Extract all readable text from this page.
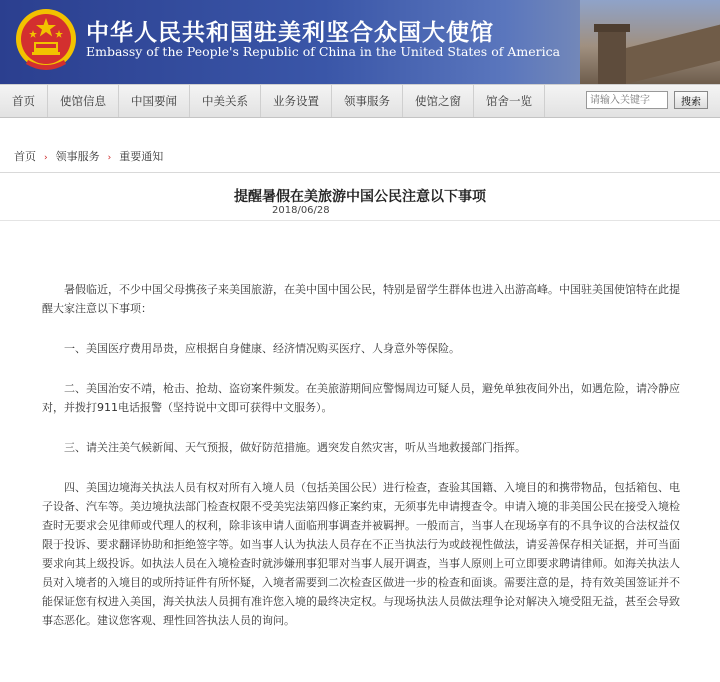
中华人民共和国驻美利坚合众国大使馆
Embassy of the People's Republic of China in the United States of America
首页	使馆信息	中国要闻	中美关系	业务设置	领事服务	使馆之窗	馆舍一览
请输入关键字	搜索
首页 › 领事服务 › 重要通知
提醒暑假在美旅游中国公民注意以下事项
2018/06/28

暑假临近，不少中国父母携孩子来美国旅游，在美中国中国公民，特别是留学生群体也进入出游高峰。中国驻美国使馆特在此提醒大家注意以下事项：

一、美国医疗费用昂贵，应根据自身健康、经济情况购买医疗、人身意外等保险。

二、美国治安不靖，枪击、抢劫、盗窃案件频发。在美旅游期间应警惕周边可疑人员，避免单独夜间外出，如遇危险，请冷静应对，并拨打911电话报警（坚持说中文即可获得中文服务）。

三、请关注美气候新闻、天气预报，做好防范措施。遇突发自然灾害，听从当地救援部门指挥。

四、美国边境海关执法人员有权对所有入境人员（包括美国公民）进行检查，查验其国籍、入境目的和携带物品，包括箱包、电子设备、汽车等。美边境执法部门检查权限不受美宪法第四修正案约束，无须事先申请搜查令。申请入境的非美国公民在接受入境检查时无要求会见律师或代理人的权利，除非该申请人面临刑事调查并被羁押。一般而言，当事人在现场享有的不具争议的合法权益仅限于投诉、要求翻译协助和拒绝签字等。如当事人认为执法人员存在不正当执法行为或歧视性做法，请妥善保存相关证据，并可当面要求向其上级投诉。如执法人员在入境检查时就涉嫌刑事犯罪对当事人展开调查，当事人原则上可立即要求聘请律师。如海关执法人员对入境者的入境目的或所持证件有所怀疑，入境者需要到二次检查区做进一步的检查和面谈。需要注意的是，持有效美国签证并不能保证您有权进入美国，海关执法人员拥有准许您入境的最终决定权。与现场执法人员做法理争论对解决入境受阻无益，甚至会导致事态恶化。建议您客观、理性回答执法人员的询问。
